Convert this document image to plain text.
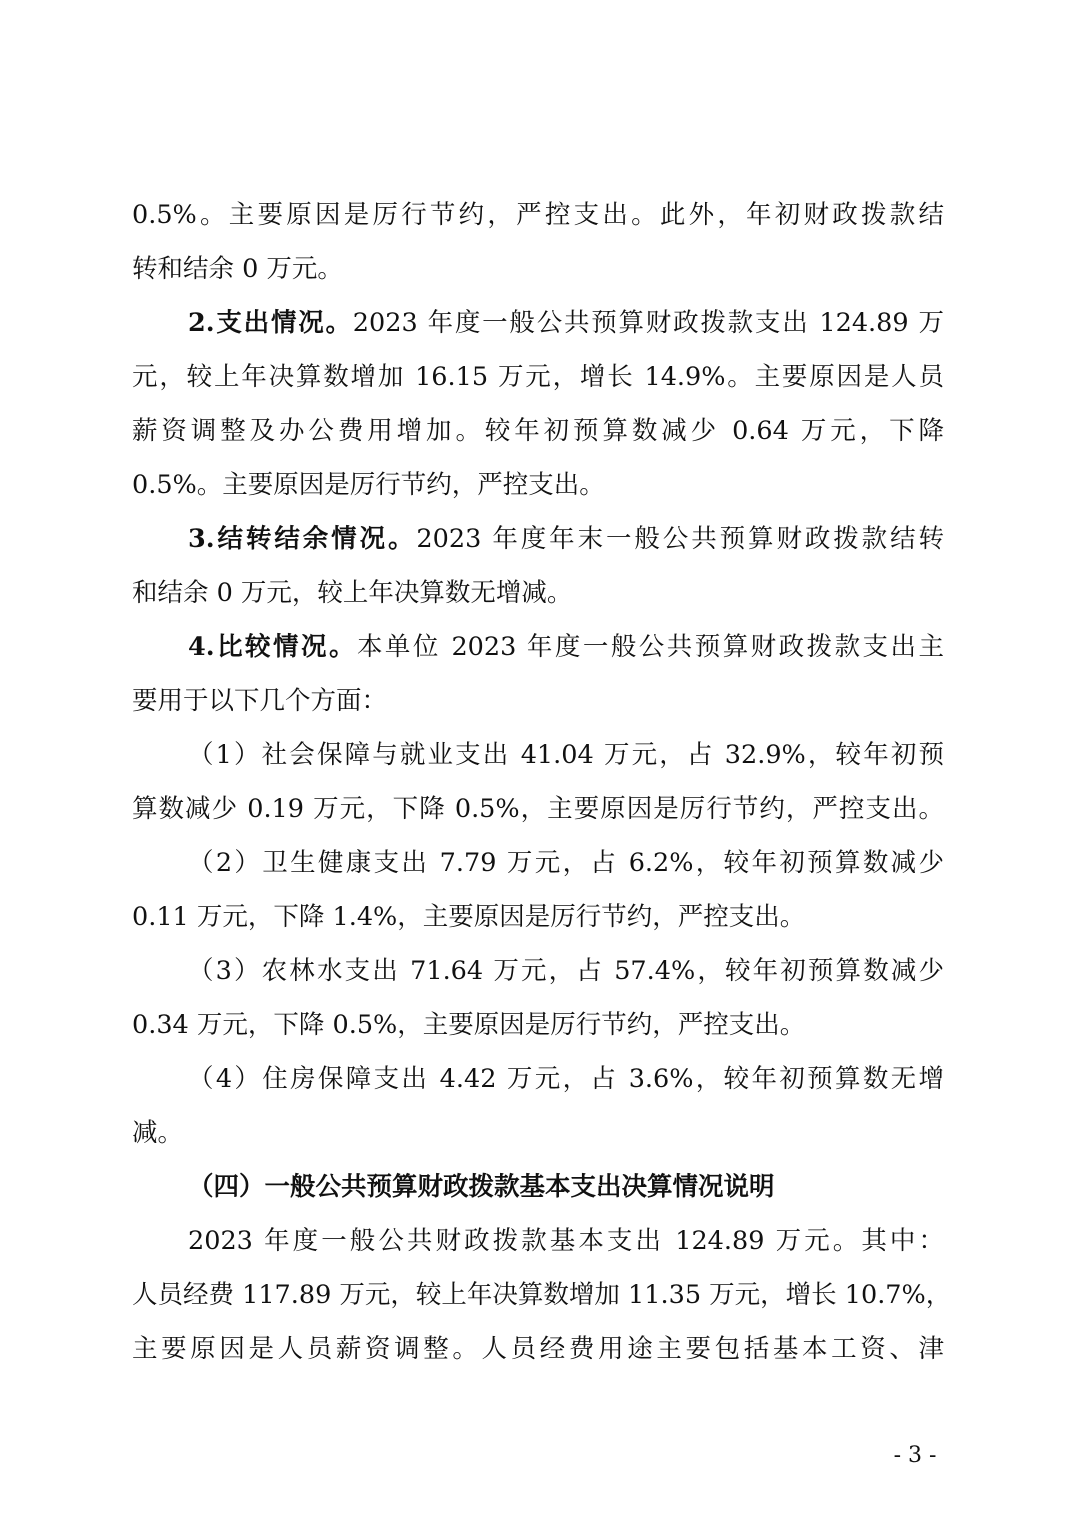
0.5%。主要原因是厉行节约，严控支出。此外，年初财政拨款结
转和结余 0 万元。
2.支出情况。2023 年度一般公共预算财政拨款支出 124.89 万
元，较上年决算数增加 16.15 万元，增长 14.9%。主要原因是人员
薪资调整及办公费用增加。较年初预算数减少 0.64 万元，下降
0.5%。主要原因是厉行节约，严控支出。
3.结转结余情况。2023 年度年末一般公共预算财政拨款结转
和结余 0 万元，较上年决算数无增减。
4.比较情况。本单位 2023 年度一般公共预算财政拨款支出主
要用于以下几个方面：
（1）社会保障与就业支出 41.04 万元，占 32.9%，较年初预
算数减少 0.19 万元，下降 0.5%，主要原因是厉行节约，严控支出。
（2）卫生健康支出 7.79 万元，占 6.2%，较年初预算数减少
0.11 万元，下降 1.4%，主要原因是厉行节约，严控支出。
（3）农林水支出 71.64 万元，占 57.4%，较年初预算数减少
0.34 万元，下降 0.5%，主要原因是厉行节约，严控支出。
（4）住房保障支出 4.42 万元，占 3.6%，较年初预算数无增
减。
（四）一般公共预算财政拨款基本支出决算情况说明
2023 年度一般公共财政拨款基本支出 124.89 万元。其中：
人员经费 117.89 万元，较上年决算数增加 11.35 万元，增长 10.7%，
主要原因是人员薪资调整。人员经费用途主要包括基本工资、津
- 3 -
